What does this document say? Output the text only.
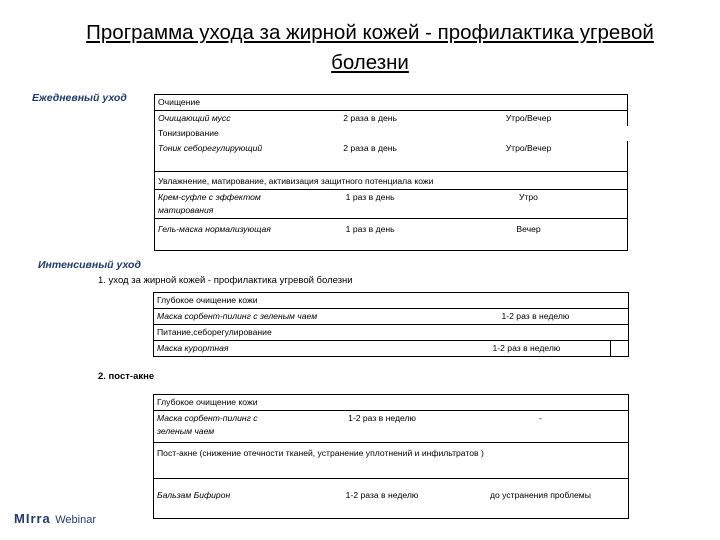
Программа ухода за жирной кожей - профилактика угревой
болезни
Ежедневный уход	Очищение		
Очищающий мусс	2 раза в день	Утро/Вечер
Тонизирование		
Тоник себорегулирующий	2 раза в день	Утро/Вечер
Увлажнение, матирование, активизация защитного потенциала кожи		

Крем-суфле с эффектом
матирования	1 раз в день	Утро
Гель-маска нормализующая	1 раз в день	Вечер
Интенсивный уход
1. уход за жирной кожей - профилактика угревой болезни
Глубокое очищение кожи		
Маска сорбент-пилинг с зеленым чаем	1-2 раз в неделю	
Питание,себорегулирование		
Маска курортная	1-2 раз в неделю	
2. пост-акне
Глубокое очищение кожи		

Маска сорбент-пилинг с
зеленым чаем	1-2 раз в неделю	-
Пост-акне (снижение отечности тканей, устранение уплотнений и инфильтратов )		
Бальзам Бифирон	1-2 раза в неделю	до устранения проблемы
MIrra Webinar
